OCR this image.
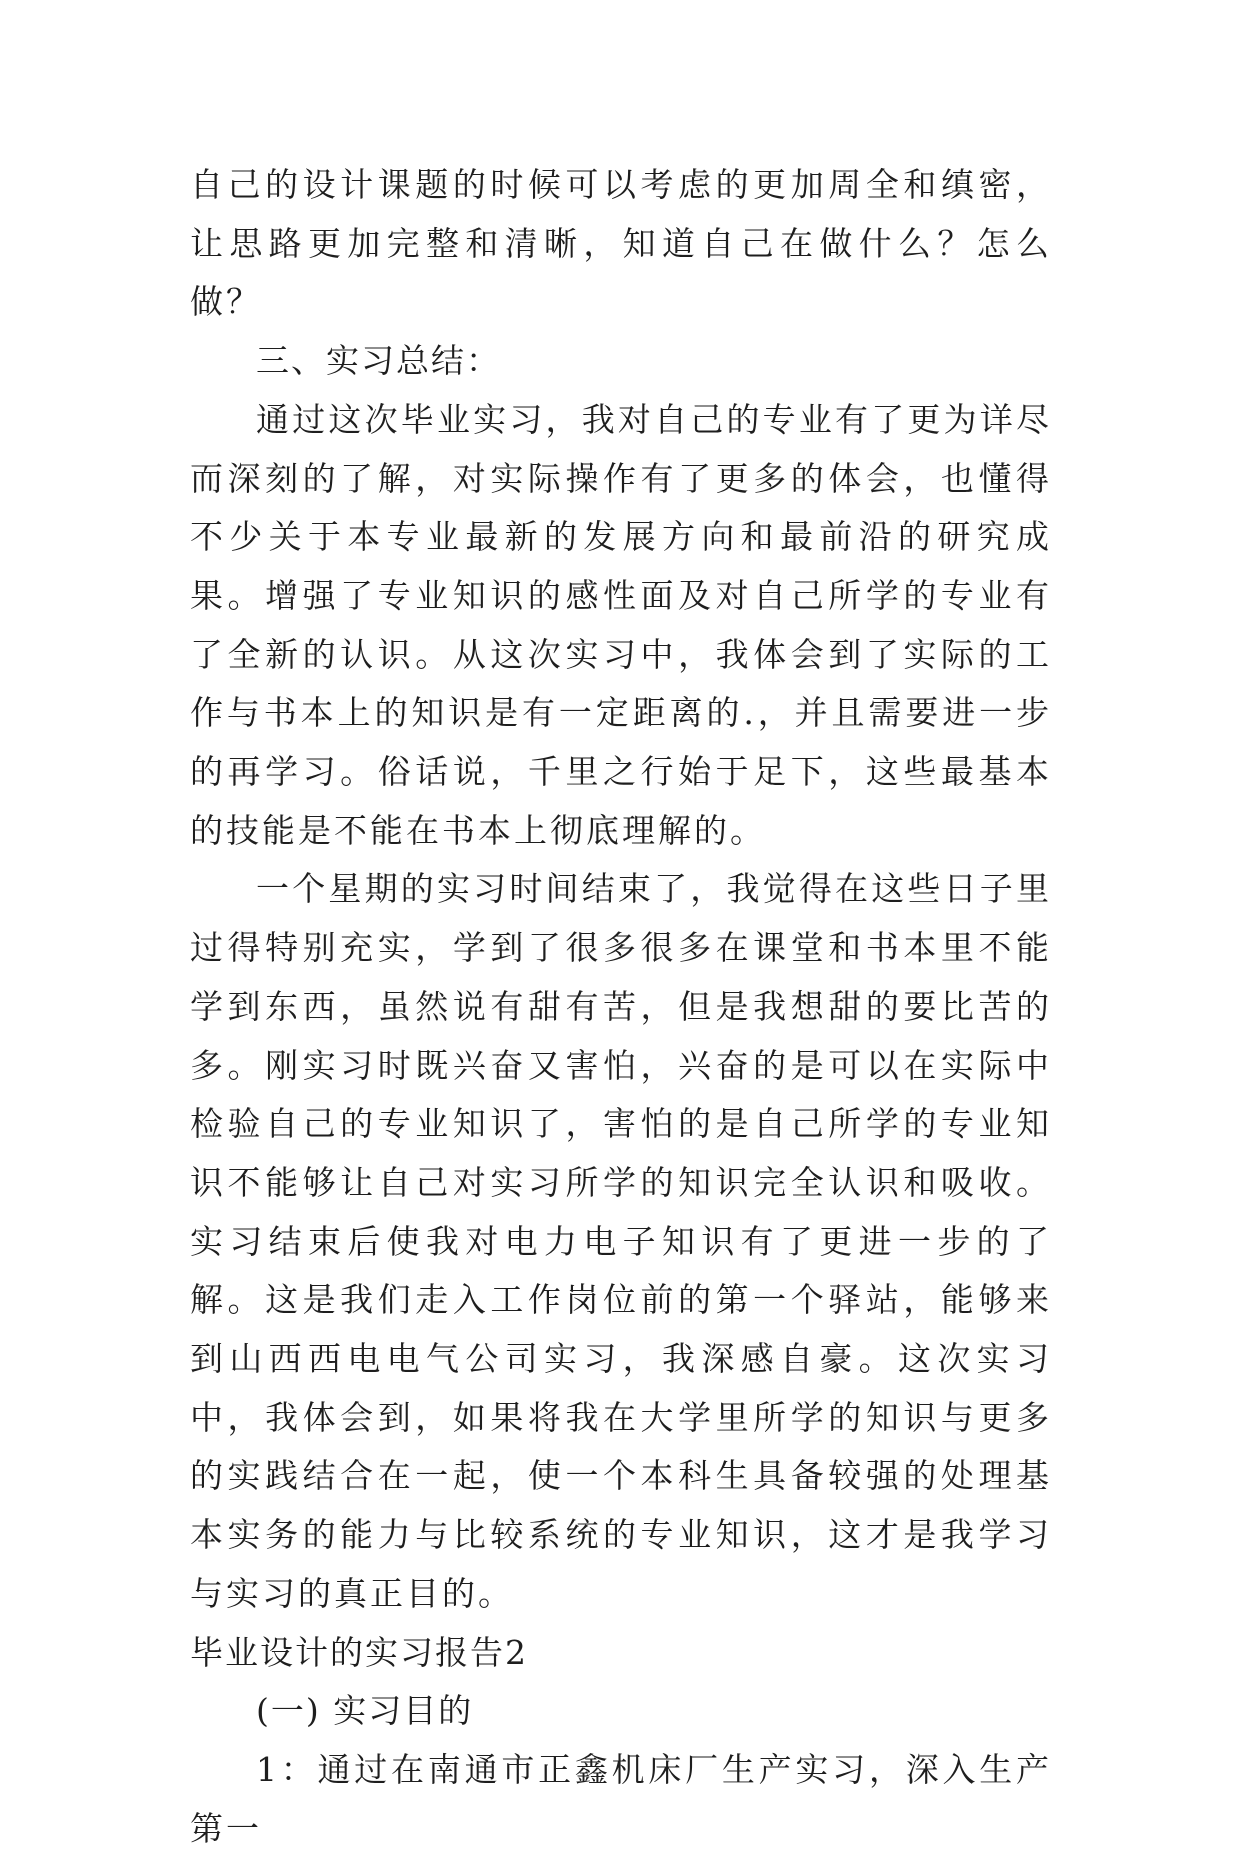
自己的设计课题的时候可以考虑的更加周全和缜密，让思路更加完整和清晰，知道自己在做什么？怎么做？

三、实习总结：

通过这次毕业实习，我对自己的专业有了更为详尽而深刻的了解，对实际操作有了更多的体会，也懂得不少关于本专业最新的发展方向和最前沿的研究成果。增强了专业知识的感性面及对自己所学的专业有了全新的认识。从这次实习中，我体会到了实际的工作与书本上的知识是有一定距离的.，并且需要进一步的再学习。俗话说，千里之行始于足下，这些最基本的技能是不能在书本上彻底理解的。

一个星期的实习时间结束了，我觉得在这些日子里过得特别充实，学到了很多很多在课堂和书本里不能学到东西，虽然说有甜有苦，但是我想甜的要比苦的多。刚实习时既兴奋又害怕，兴奋的是可以在实际中检验自己的专业知识了，害怕的是自己所学的专业知识不能够让自己对实习所学的知识完全认识和吸收。实习结束后使我对电力电子知识有了更进一步的了解。这是我们走入工作岗位前的第一个驿站，能够来到山西西电电气公司实习，我深感自豪。这次实习中，我体会到，如果将我在大学里所学的知识与更多的实践结合在一起，使一个本科生具备较强的处理基本实务的能力与比较系统的专业知识，这才是我学习与实习的真正目的。

毕业设计的实习报告2

(一) 实习目的

1：通过在南通市正鑫机床厂生产实习，深入生产第一
